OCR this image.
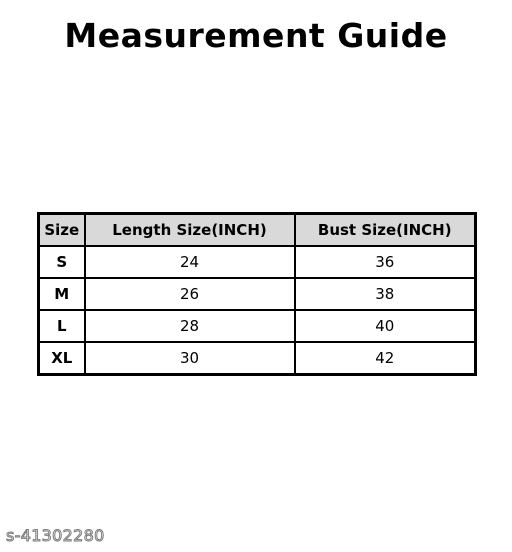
Measurement Guide
Size	Length Size(INCH)	Bust Size(INCH)
S	24	36
M	26	38
L	28	40
XL	30	42
s-41302280
